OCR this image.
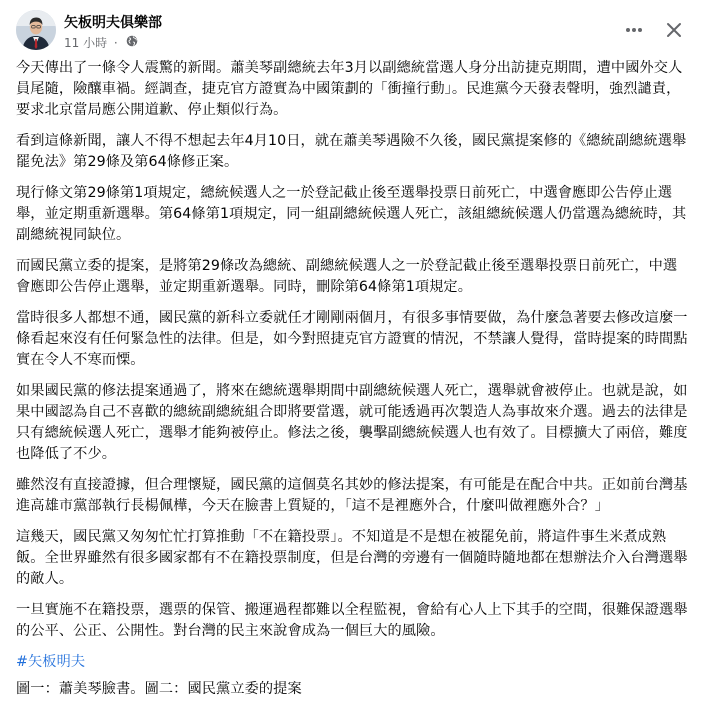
矢板明夫俱樂部
11 小時 ·

今天傳出了一條令人震驚的新聞。蕭美琴副總統去年3月以副總統當選人身分出訪捷克期間，遭中國外交人員尾隨，險釀車禍。經調查，捷克官方證實為中國策劃的「衝撞行動」。民進黨今天發表聲明，強烈譴責，要求北京當局應公開道歉、停止類似行為。

看到這條新聞，讓人不得不想起去年4月10日，就在蕭美琴遇險不久後，國民黨提案修的《總統副總統選舉罷免法》第29條及第64條修正案。

現行條文第29條第1項規定，總統候選人之一於登記截止後至選舉投票日前死亡，中選會應即公告停止選舉，並定期重新選舉。第64條第1項規定，同一組副總統候選人死亡，該組總統候選人仍當選為總統時，其副總統視同缺位。

而國民黨立委的提案，是將第29條改為總統、副總統候選人之一於登記截止後至選舉投票日前死亡，中選會應即公告停止選舉，並定期重新選舉。同時，刪除第64條第1項規定。

當時很多人都想不通，國民黨的新科立委就任才剛剛兩個月，有很多事情要做，為什麼急著要去修改這麼一條看起來沒有任何緊急性的法律。但是，如今對照捷克官方證實的情況，不禁讓人覺得，當時提案的時間點實在令人不寒而慄。

如果國民黨的修法提案通過了，將來在總統選舉期間中副總統候選人死亡，選舉就會被停止。也就是說，如果中國認為自己不喜歡的總統副總統組合即將要當選，就可能透過再次製造人為事故來介選。過去的法律是只有總統候選人死亡，選舉才能夠被停止。修法之後，襲擊副總統候選人也有效了。目標擴大了兩倍，難度也降低了不少。

雖然沒有直接證據，但合理懷疑，國民黨的這個莫名其妙的修法提案，有可能是在配合中共。正如前台灣基進高雄市黨部執行長楊佩樺，今天在臉書上質疑的，「這不是裡應外合，什麼叫做裡應外合？」

這幾天，國民黨又匆匆忙忙打算推動「不在籍投票」。不知道是不是想在被罷免前，將這件事生米煮成熟飯。全世界雖然有很多國家都有不在籍投票制度，但是台灣的旁邊有一個隨時隨地都在想辦法介入台灣選舉的敵人。

一旦實施不在籍投票，選票的保管、搬運過程都難以全程監視，會給有心人上下其手的空間，很難保證選舉的公平、公正、公開性。對台灣的民主來說會成為一個巨大的風險。

#矢板明夫

圖一：蕭美琴臉書。圖二：國民黨立委的提案
